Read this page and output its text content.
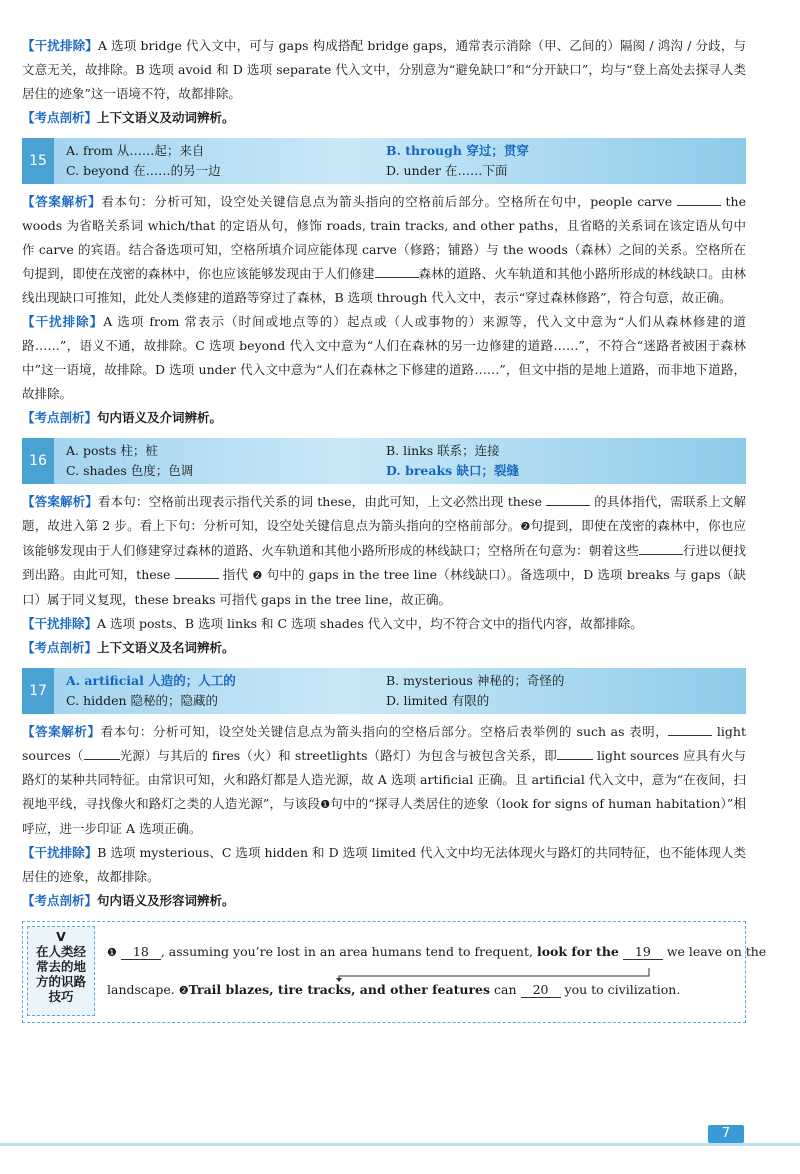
【干扰排除】A 选项 bridge 代入文中，可与 gaps 构成搭配 bridge gaps，通常表示消除（甲、乙间的）隔阂 / 鸿沟 / 分歧，与文意无关，故排除。B 选项 avoid 和 D 选项 separate 代入文中，分别意为“避免缺口”和“分开缺口”，均与“登上高处去探寻人类居住的迹象”这一语境不符，故都排除。

【考点剖析】上下文语义及动词辨析。

15
A. from 从……起；来自	B. through 穿过；贯穿
C. beyond 在……的另一边	D. under 在……下面

【答案解析】看本句：分析可知，设空处关键信息点为箭头指向的空格前后部分。空格所在句中，people carve	the woods 为省略关系词 which/that 的定语从句，修饰 roads, train tracks, and other paths，且省略的关系词在该定语从句中作 carve 的宾语。结合备选项可知，空格所填介词应能体现 carve（修路；铺路）与 the woods（森林）之间的关系。空格所在句提到，即使在茂密的森林中，你也应该能够发现由于人们修建	森林的道路、火车轨道和其他小路所形成的林线缺口。由林线出现缺口可推知，此处人类修建的道路等穿过了森林，B 选项 through 代入文中，表示“穿过森林修路”，符合句意，故正确。

【干扰排除】A 选项 from 常表示（时间或地点等的）起点或（人或事物的）来源等，代入文中意为“人们从森林修建的道路……”，语义不通，故排除。C 选项 beyond 代入文中意为“人们在森林的另一边修建的道路……”，不符合“迷路者被困于森林中”这一语境，故排除。D 选项 under 代入文中意为“人们在森林之下修建的道路……”，但文中指的是地上道路，而非地下道路，故排除。

【考点剖析】句内语义及介词辨析。

16
A. posts 柱；桩	B. links 联系；连接
C. shades 色度；色调	D. breaks 缺口；裂缝

【答案解析】看本句：空格前出现表示指代关系的词 these，由此可知，上文必然出现 these	的具体指代，需联系上文解题，故进入第 2 步。看上下句：分析可知，设空处关键信息点为箭头指向的空格前部分。❷句提到，即使在茂密的森林中，你也应该能够发现由于人们修建穿过森林的道路、火车轨道和其他小路所形成的林线缺口；空格所在句意为：朝着这些	行进以便找到出路。由此可知，these	指代 ❷ 句中的 gaps in the tree line（林线缺口）。备选项中，D 选项 breaks 与 gaps（缺口）属于同义复现，these breaks 可指代 gaps in the tree line，故正确。

【干扰排除】A 选项 posts、B 选项 links 和 C 选项 shades 代入文中，均不符合文中的指代内容，故都排除。

【考点剖析】上下文语义及名词辨析。

17
A. artificial 人造的；人工的	B. mysterious 神秘的；奇怪的
C. hidden 隐秘的；隐藏的	D. limited 有限的

【答案解析】看本句：分析可知，设空处关键信息点为箭头指向的空格后部分。空格后表举例的 such as 表明，	light sources（	光源）与其后的 fires（火）和 streetlights（路灯）为包含与被包含关系，即	light sources 应具有火与路灯的某种共同特征。由常识可知，火和路灯都是人造光源，故 A 选项 artificial 正确。且 artificial 代入文中，意为“在夜间，扫视地平线，寻找像火和路灯之类的人造光源”，与该段❶句中的“探寻人类居住的迹象（look for signs of human habitation）”相呼应，进一步印证 A 选项正确。

【干扰排除】B 选项 mysterious、C 选项 hidden 和 D 选项 limited 代入文中均无法体现火与路灯的共同特征，也不能体现人类居住的迹象，故都排除。

【考点剖析】句内语义及形容词辨析。

V
在人类经常去的地方的识路技巧
❶ 18 , assuming you’re lost in an area humans tend to frequent, look for the 19 we leave on the
landscape. ❷Trail blazes, tire tracks, and other features can 20 you to civilization.
7
